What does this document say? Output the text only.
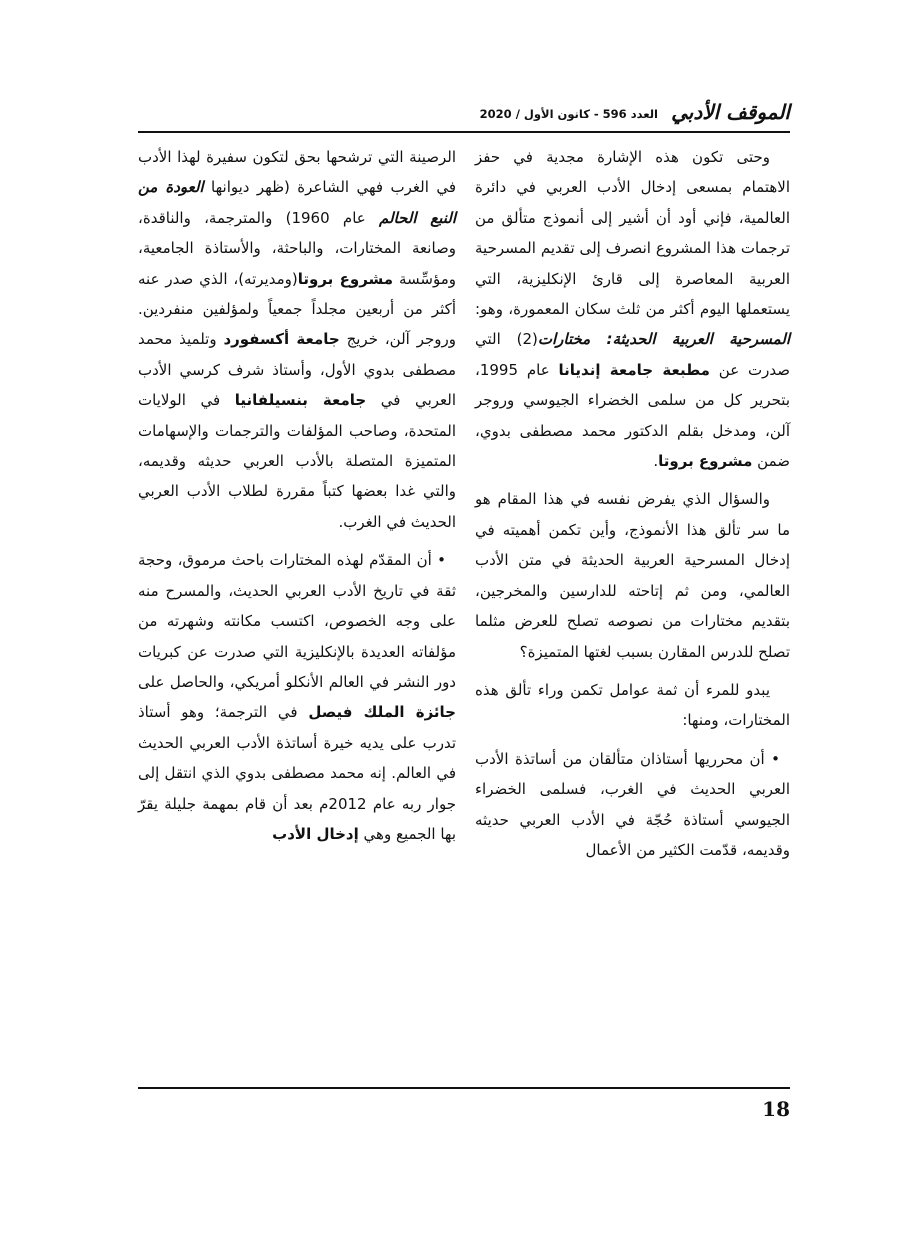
الموقف الأدبي
العدد 596 - كانون الأول / 2020

وحتى تكون هذه الإشارة مجدية في حفز الاهتمام بمسعى إدخال الأدب العربي في دائرة العالمية، فإني أود أن أشير إلى أنموذج متألق من ترجمات هذا المشروع انصرف إلى تقديم المسرحية العربية المعاصرة إلى قارئ الإنكليزية، التي يستعملها اليوم أكثر من ثلث سكان المعمورة، وهو: المسرحية العربية الحديثة: مختارات(2) التي صدرت عن مطبعة جامعة إنديانا عام 1995، بتحرير كل من سلمى الخضراء الجيوسي وروجر آلن، ومدخل بقلم الدكتور محمد مصطفى بدوي، ضمن مشروع بروتا.

والسؤال الذي يفرض نفسه في هذا المقام هو ما سر تألق هذا الأنموذج، وأين تكمن أهميته في إدخال المسرحية العربية الحديثة في متن الأدب العالمي، ومن ثم إتاحته للدارسين والمخرجين، بتقديم مختارات من نصوصه تصلح للعرض مثلما تصلح للدرس المقارن بسبب لغتها المتميزة؟

يبدو للمرء أن ثمة عوامل تكمن وراء تألق هذه المختارات، ومنها:

• أن محرريها أستاذان متألقان من أساتذة الأدب العربي الحديث في الغرب، فسلمى الخضراء الجيوسي أستاذة حُجّة في الأدب العربي حديثه وقديمه، قدّمت الكثير من الأعمال

الرصينة التي ترشحها بحق لتكون سفيرة لهذا الأدب في الغرب فهي الشاعرة (ظهر ديوانها العودة من النبع الحالم عام 1960) والمترجمة، والناقدة، وصانعة المختارات، والباحثة، والأستاذة الجامعية، ومؤسِّسة مشروع بروتا(ومديرته)، الذي صدر عنه أكثر من أربعين مجلداً جمعياً ولمؤلفين منفردين. وروجر آلن، خريج جامعة أكسفورد وتلميذ محمد مصطفى بدوي الأول، وأستاذ شرف كرسي الأدب العربي في جامعة بنسيلفانيا في الولايات المتحدة، وصاحب المؤلفات والترجمات والإسهامات المتميزة المتصلة بالأدب العربي حديثه وقديمه، والتي غدا بعضها كتباً مقررة لطلاب الأدب العربي الحديث في الغرب.

• أن المقدّم لهذه المختارات باحث مرموق، وحجة ثقة في تاريخ الأدب العربي الحديث، والمسرح منه على وجه الخصوص، اكتسب مكانته وشهرته من مؤلفاته العديدة بالإنكليزية التي صدرت عن كبريات دور النشر في العالم الأنكلو أمريكي، والحاصل على جائزة الملك فيصل في الترجمة؛ وهو أستاذ تدرب على يديه خيرة أساتذة الأدب العربي الحديث في العالم. إنه محمد مصطفى بدوي الذي انتقل إلى جوار ربه عام 2012م بعد أن قام بمهمة جليلة يقرّ بها الجميع وهي إدخال الأدب

18
